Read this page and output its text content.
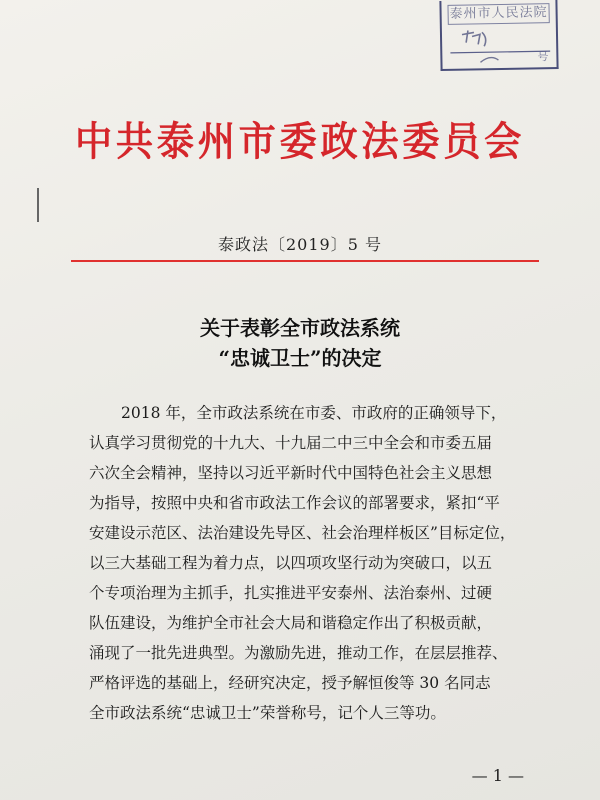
泰州市人民法院
号
中共泰州市委政法委员会
泰政法〔2019〕5 号
关于表彰全市政法系统
“忠诚卫士”的决定

2018 年，全市政法系统在市委、市政府的正确领导下，

认真学习贯彻党的十九大、十九届二中三中全会和市委五届

六次全会精神，坚持以习近平新时代中国特色社会主义思想

为指导，按照中央和省市政法工作会议的部署要求，紧扣“平

安建设示范区、法治建设先导区、社会治理样板区”目标定位，

以三大基础工程为着力点，以四项攻坚行动为突破口，以五

个专项治理为主抓手，扎实推进平安泰州、法治泰州、过硬

队伍建设，为维护全市社会大局和谐稳定作出了积极贡献，

涌现了一批先进典型。为激励先进，推动工作，在层层推荐、

严格评选的基础上，经研究决定，授予解恒俊等 30 名同志

全市政法系统“忠诚卫士”荣誉称号，记个人三等功。

— 1 —
